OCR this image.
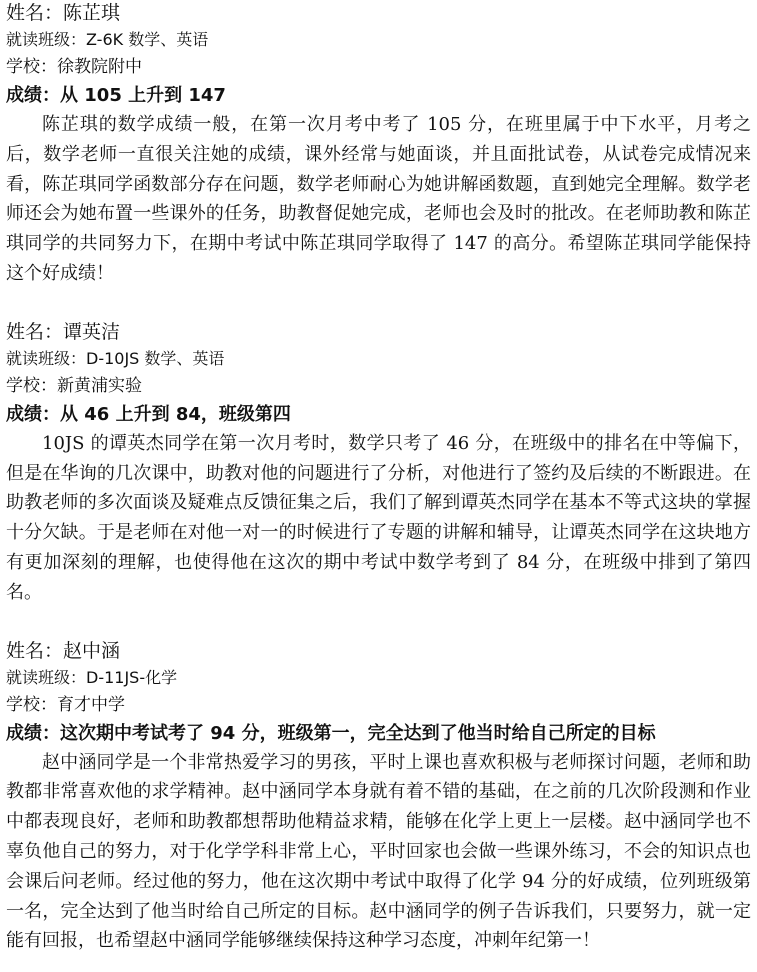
姓名：陈芷琪
就读班级：Z-6K 数学、英语
学校：徐教院附中
成绩：从 105 上升到 147

陈芷琪的数学成绩一般，在第一次月考中考了 105 分，在班里属于中下水平，月考之后，数学老师一直很关注她的成绩，课外经常与她面谈，并且面批试卷，从试卷完成情况来看，陈芷琪同学函数部分存在问题，数学老师耐心为她讲解函数题，直到她完全理解。数学老师还会为她布置一些课外的任务，助教督促她完成，老师也会及时的批改。在老师助教和陈芷琪同学的共同努力下，在期中考试中陈芷琪同学取得了 147 的高分。希望陈芷琪同学能保持这个好成绩！

姓名：谭英洁
就读班级：D-10JS 数学、英语
学校：新黄浦实验
成绩：从 46 上升到 84，班级第四

10JS 的谭英杰同学在第一次月考时，数学只考了 46 分，在班级中的排名在中等偏下，但是在华询的几次课中，助教对他的问题进行了分析，对他进行了签约及后续的不断跟进。在助教老师的多次面谈及疑难点反馈征集之后，我们了解到谭英杰同学在基本不等式这块的掌握十分欠缺。于是老师在对他一对一的时候进行了专题的讲解和辅导，让谭英杰同学在这块地方有更加深刻的理解，也使得他在这次的期中考试中数学考到了 84 分，在班级中排到了第四名。

姓名：赵中涵
就读班级：D-11JS-化学
学校：育才中学
成绩：这次期中考试考了 94 分，班级第一，完全达到了他当时给自己所定的目标

赵中涵同学是一个非常热爱学习的男孩，平时上课也喜欢积极与老师探讨问题，老师和助教都非常喜欢他的求学精神。赵中涵同学本身就有着不错的基础，在之前的几次阶段测和作业中都表现良好，老师和助教都想帮助他精益求精，能够在化学上更上一层楼。赵中涵同学也不辜负他自己的努力，对于化学学科非常上心，平时回家也会做一些课外练习，不会的知识点也会课后问老师。经过他的努力，他在这次期中考试中取得了化学 94 分的好成绩，位列班级第一名，完全达到了他当时给自己所定的目标。赵中涵同学的例子告诉我们，只要努力，就一定能有回报，也希望赵中涵同学能够继续保持这种学习态度，冲刺年纪第一！
